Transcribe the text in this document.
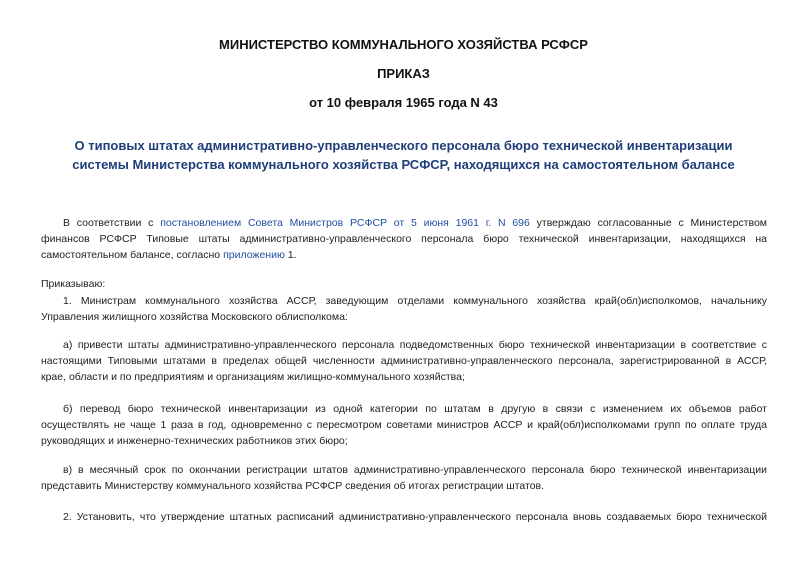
МИНИСТЕРСТВО КОММУНАЛЬНОГО ХОЗЯЙСТВА РСФСР
ПРИКАЗ
от 10 февраля 1965 года N 43
О типовых штатах административно-управленческого персонала бюро технической инвентаризации
системы Министерства коммунального хозяйства РСФСР, находящихся на самостоятельном балансе

В соответствии с постановлением Совета Министров РСФСР от 5 июня 1961 г. N 696 утверждаю согласованные с Министерством

финансов РСФСР Типовые штаты административно-управленческого персонала бюро технической инвентаризации, находящихся на

самостоятельном балансе, согласно приложению 1.

Приказываю:

1. Министрам коммунального хозяйства АССР, заведующим отделами коммунального хозяйства край(обл)исполкомов, начальнику

Управления жилищного хозяйства Московского облисполкома:

а) привести штаты административно-управленческого персонала подведомственных бюро технической инвентаризации в соответствие с

настоящими Типовыми штатами в пределах общей численности административно-управленческого персонала, зарегистрированной в АССР,

крае, области и по предприятиям и организациям жилищно-коммунального хозяйства;

б) перевод бюро технической инвентаризации из одной категории по штатам в другую в связи с изменением их объемов работ

осуществлять не чаще 1 раза в год, одновременно с пересмотром советами министров АССР и край(обл)исполкомами групп по оплате труда

руководящих и инженерно-технических работников этих бюро;

в) в месячный срок по окончании регистрации штатов административно-управленческого персонала бюро технической инвентаризации

представить Министерству коммунального хозяйства РСФСР сведения об итогах регистрации штатов.

2. Установить, что утверждение штатных расписаний административно-управленческого персонала вновь создаваемых бюро технической
